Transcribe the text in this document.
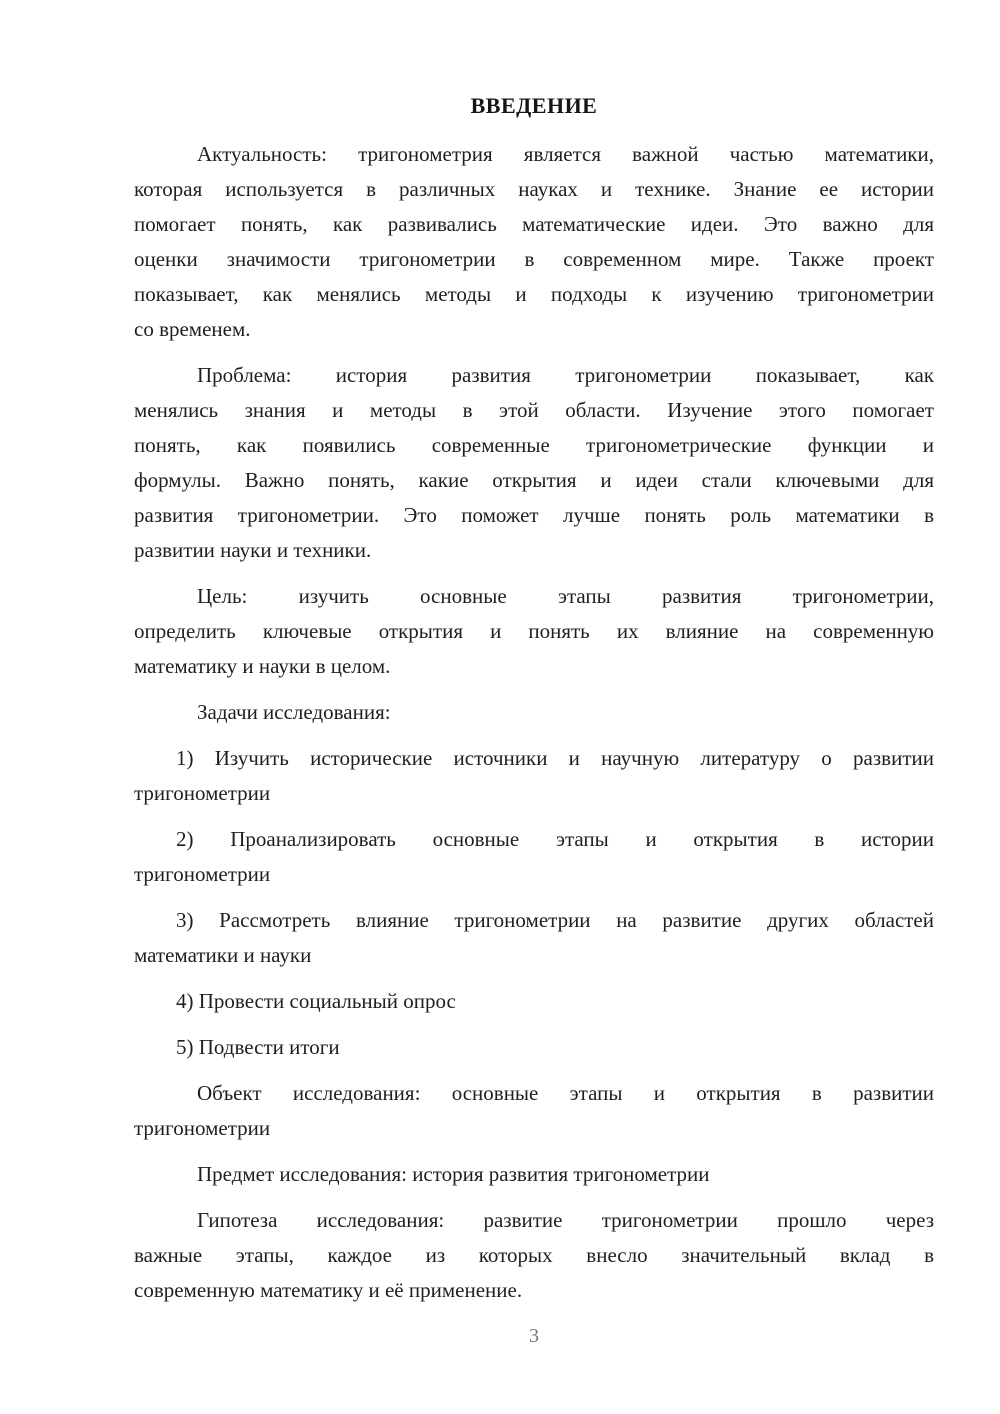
ВВЕДЕНИЕ
Актуальность: тригонометрия является важной частью математики,
которая используется в различных науках и технике. Знание ее истории
помогает понять, как развивались математические идеи. Это важно для
оценки значимости тригонометрии в современном мире. Также проект
показывает, как менялись методы и подходы к изучению тригонометрии
со временем.
Проблема: история развития тригонометрии показывает, как
менялись знания и методы в этой области. Изучение этого помогает
понять, как появились современные тригонометрические функции и
формулы. Важно понять, какие открытия и идеи стали ключевыми для
развития тригонометрии. Это поможет лучше понять роль математики в
развитии науки и техники.
Цель: изучить основные этапы развития тригонометрии,
определить ключевые открытия и понять их влияние на современную
математику и науки в целом.
Задачи исследования:
1) Изучить исторические источники и научную литературу о развитии
тригонометрии
2) Проанализировать основные этапы и открытия в истории
тригонометрии
3) Рассмотреть влияние тригонометрии на развитие других областей
математики и науки
4) Провести социальный опрос
5) Подвести итоги
Объект исследования: основные этапы и открытия в развитии
тригонометрии
Предмет исследования: история развития тригонометрии
Гипотеза исследования: развитие тригонометрии прошло через
важные этапы, каждое из которых внесло значительный вклад в
современную математику и её применение.
3
